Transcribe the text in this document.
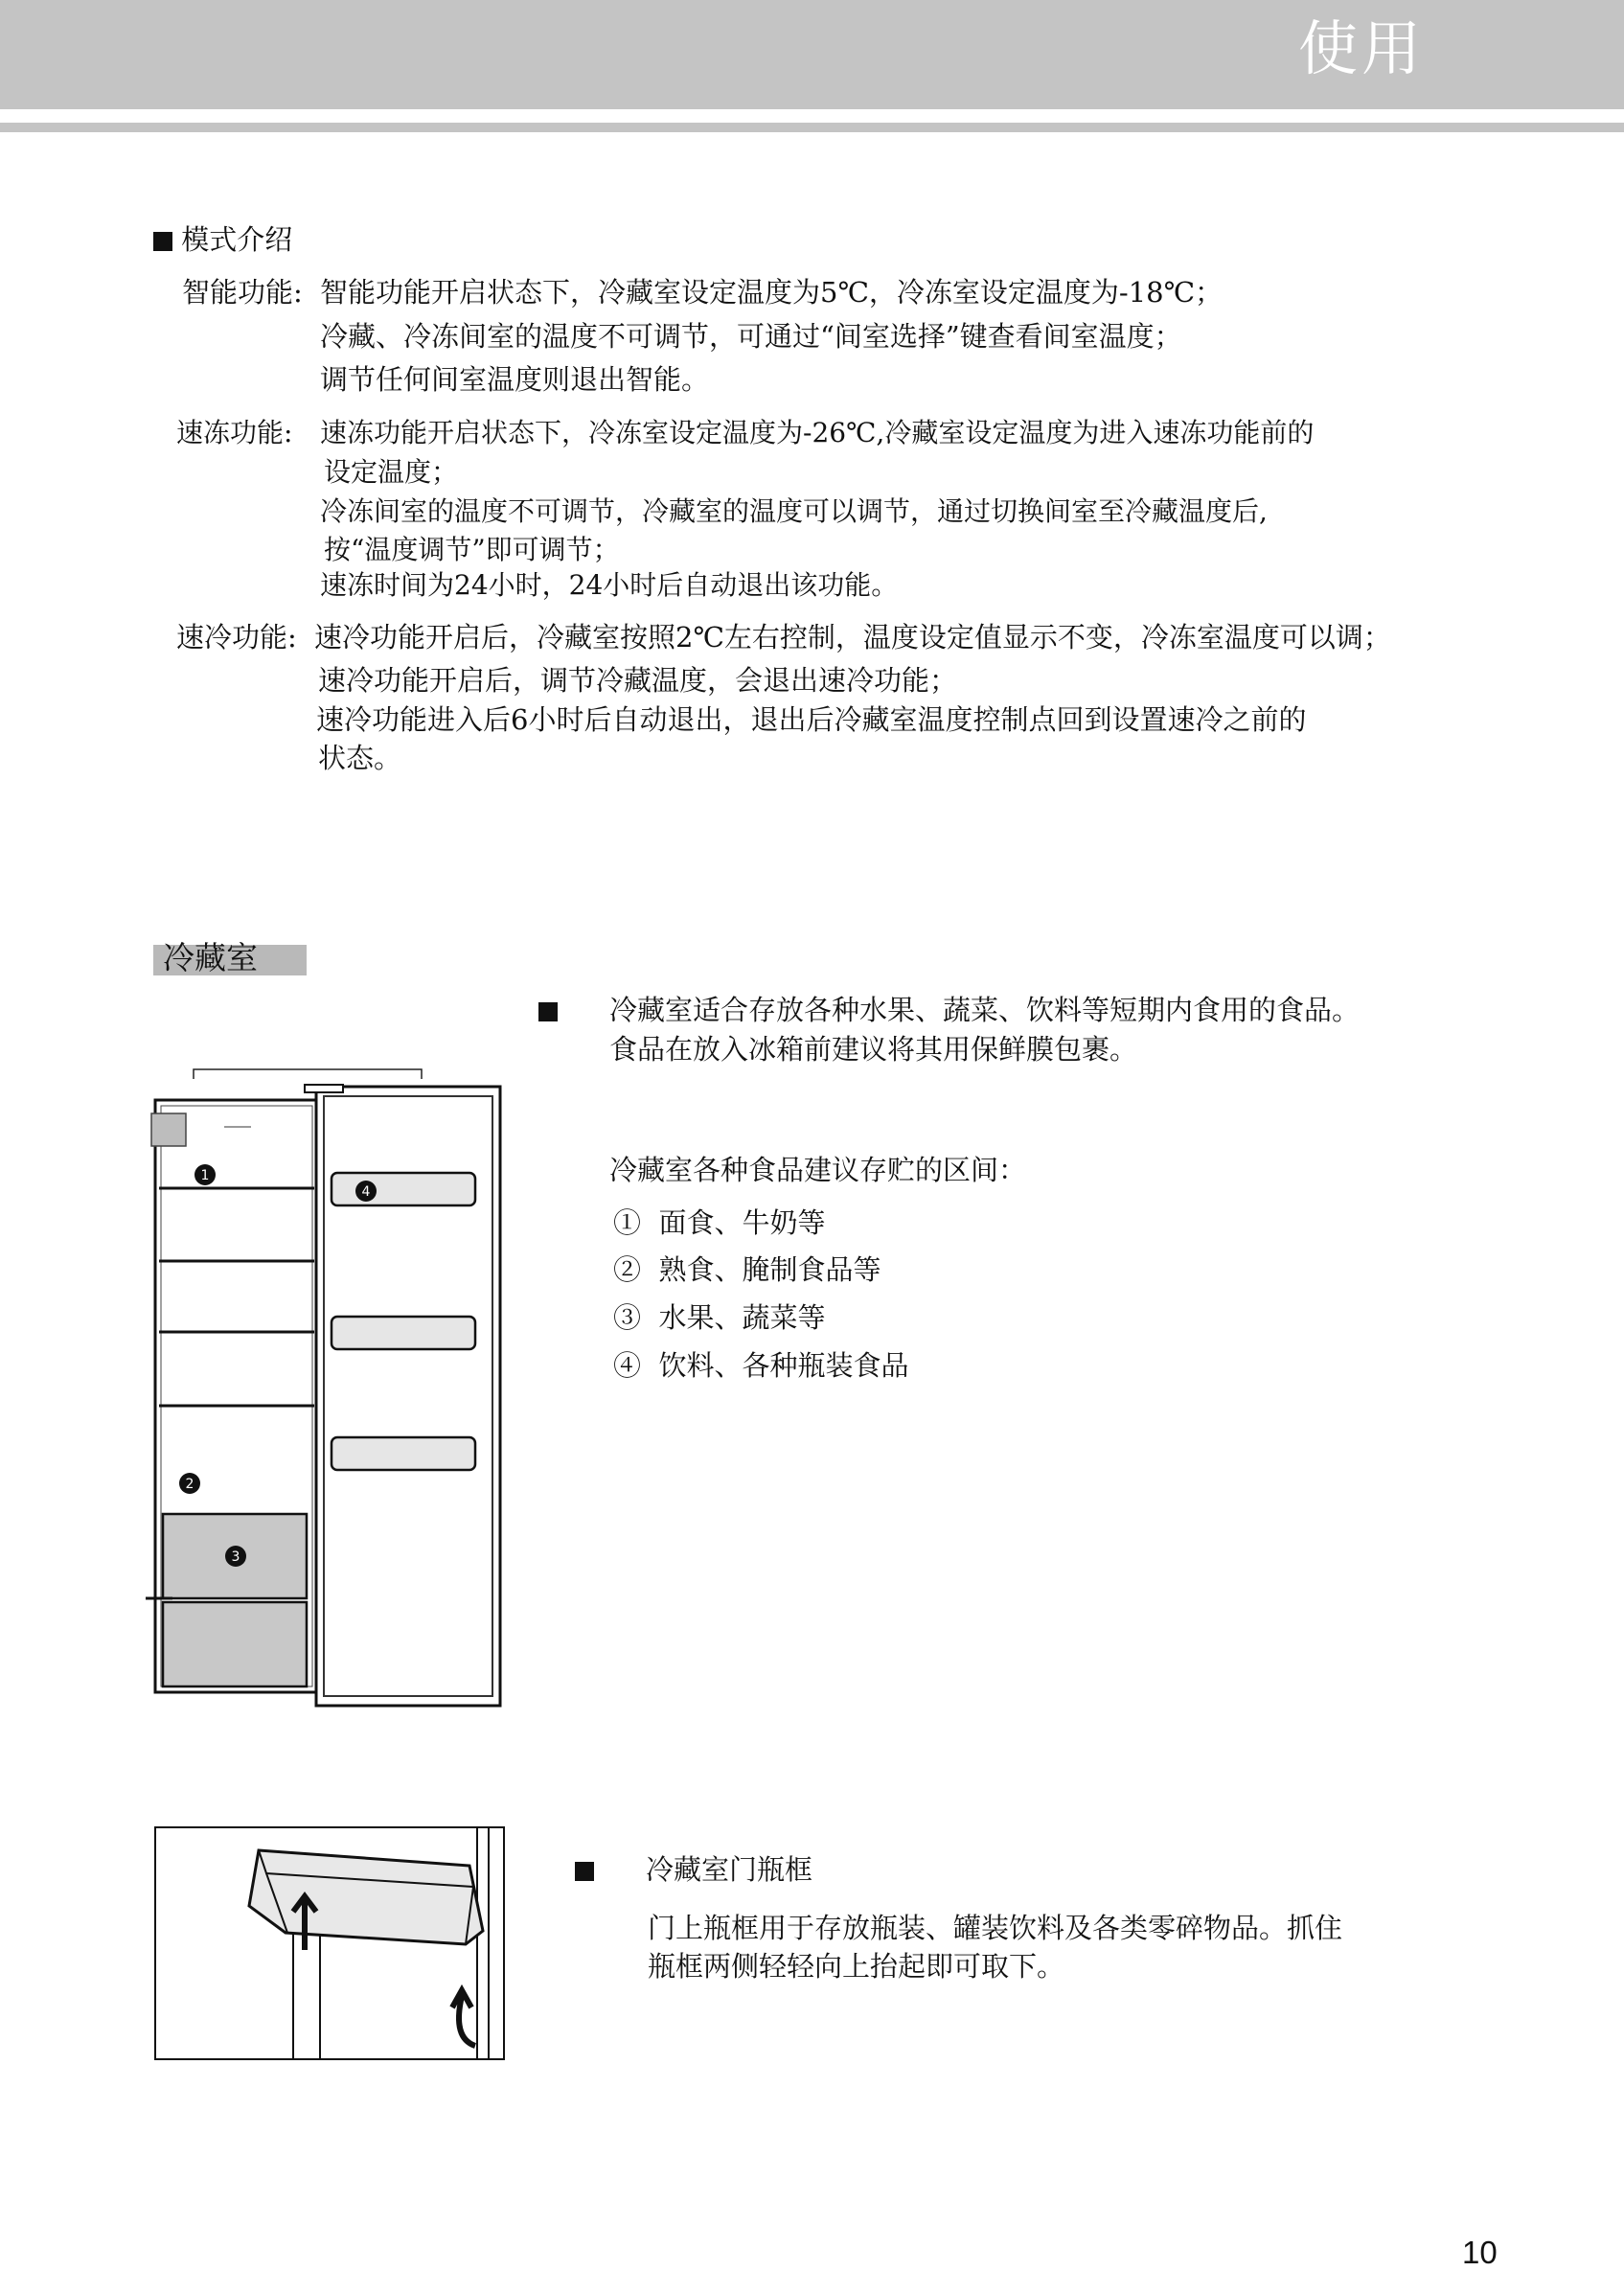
使用
模式介绍
智能功能: 智能功能开启状态下，冷藏室设定温度为5℃，冷冻室设定温度为-18℃；
冷藏、冷冻间室的温度不可调节，可通过“间室选择”键查看间室温度；
调节任何间室温度则退出智能。
速冻功能: 速冻功能开启状态下，冷冻室设定温度为-26℃,冷藏室设定温度为进入速冻功能前的
设定温度；
冷冻间室的温度不可调节，冷藏室的温度可以调节，通过切换间室至冷藏温度后,
按“温度调节”即可调节；
速冻时间为24小时，24小时后自动退出该功能。
速冷功能: 速冷功能开启后，冷藏室按照2℃左右控制，温度设定值显示不变，冷冻室温度可以调；
速冷功能开启后，调节冷藏温度，会退出速冷功能；
速冷功能进入后6小时后自动退出，退出后冷藏室温度控制点回到设置速冷之前的
状态。
冷藏室
冷藏室适合存放各种水果、蔬菜、饮料等短期内食用的食品。
食品在放入冰箱前建议将其用保鲜膜包裹。
冷藏室各种食品建议存贮的区间：
① 面食、牛奶等
② 熟食、腌制食品等
③ 水果、蔬菜等
④ 饮料、各种瓶装食品
1
2
3
4
冷藏室门瓶框
门上瓶框用于存放瓶装、罐装饮料及各类零碎物品。抓住
瓶框两侧轻轻向上抬起即可取下。
10
